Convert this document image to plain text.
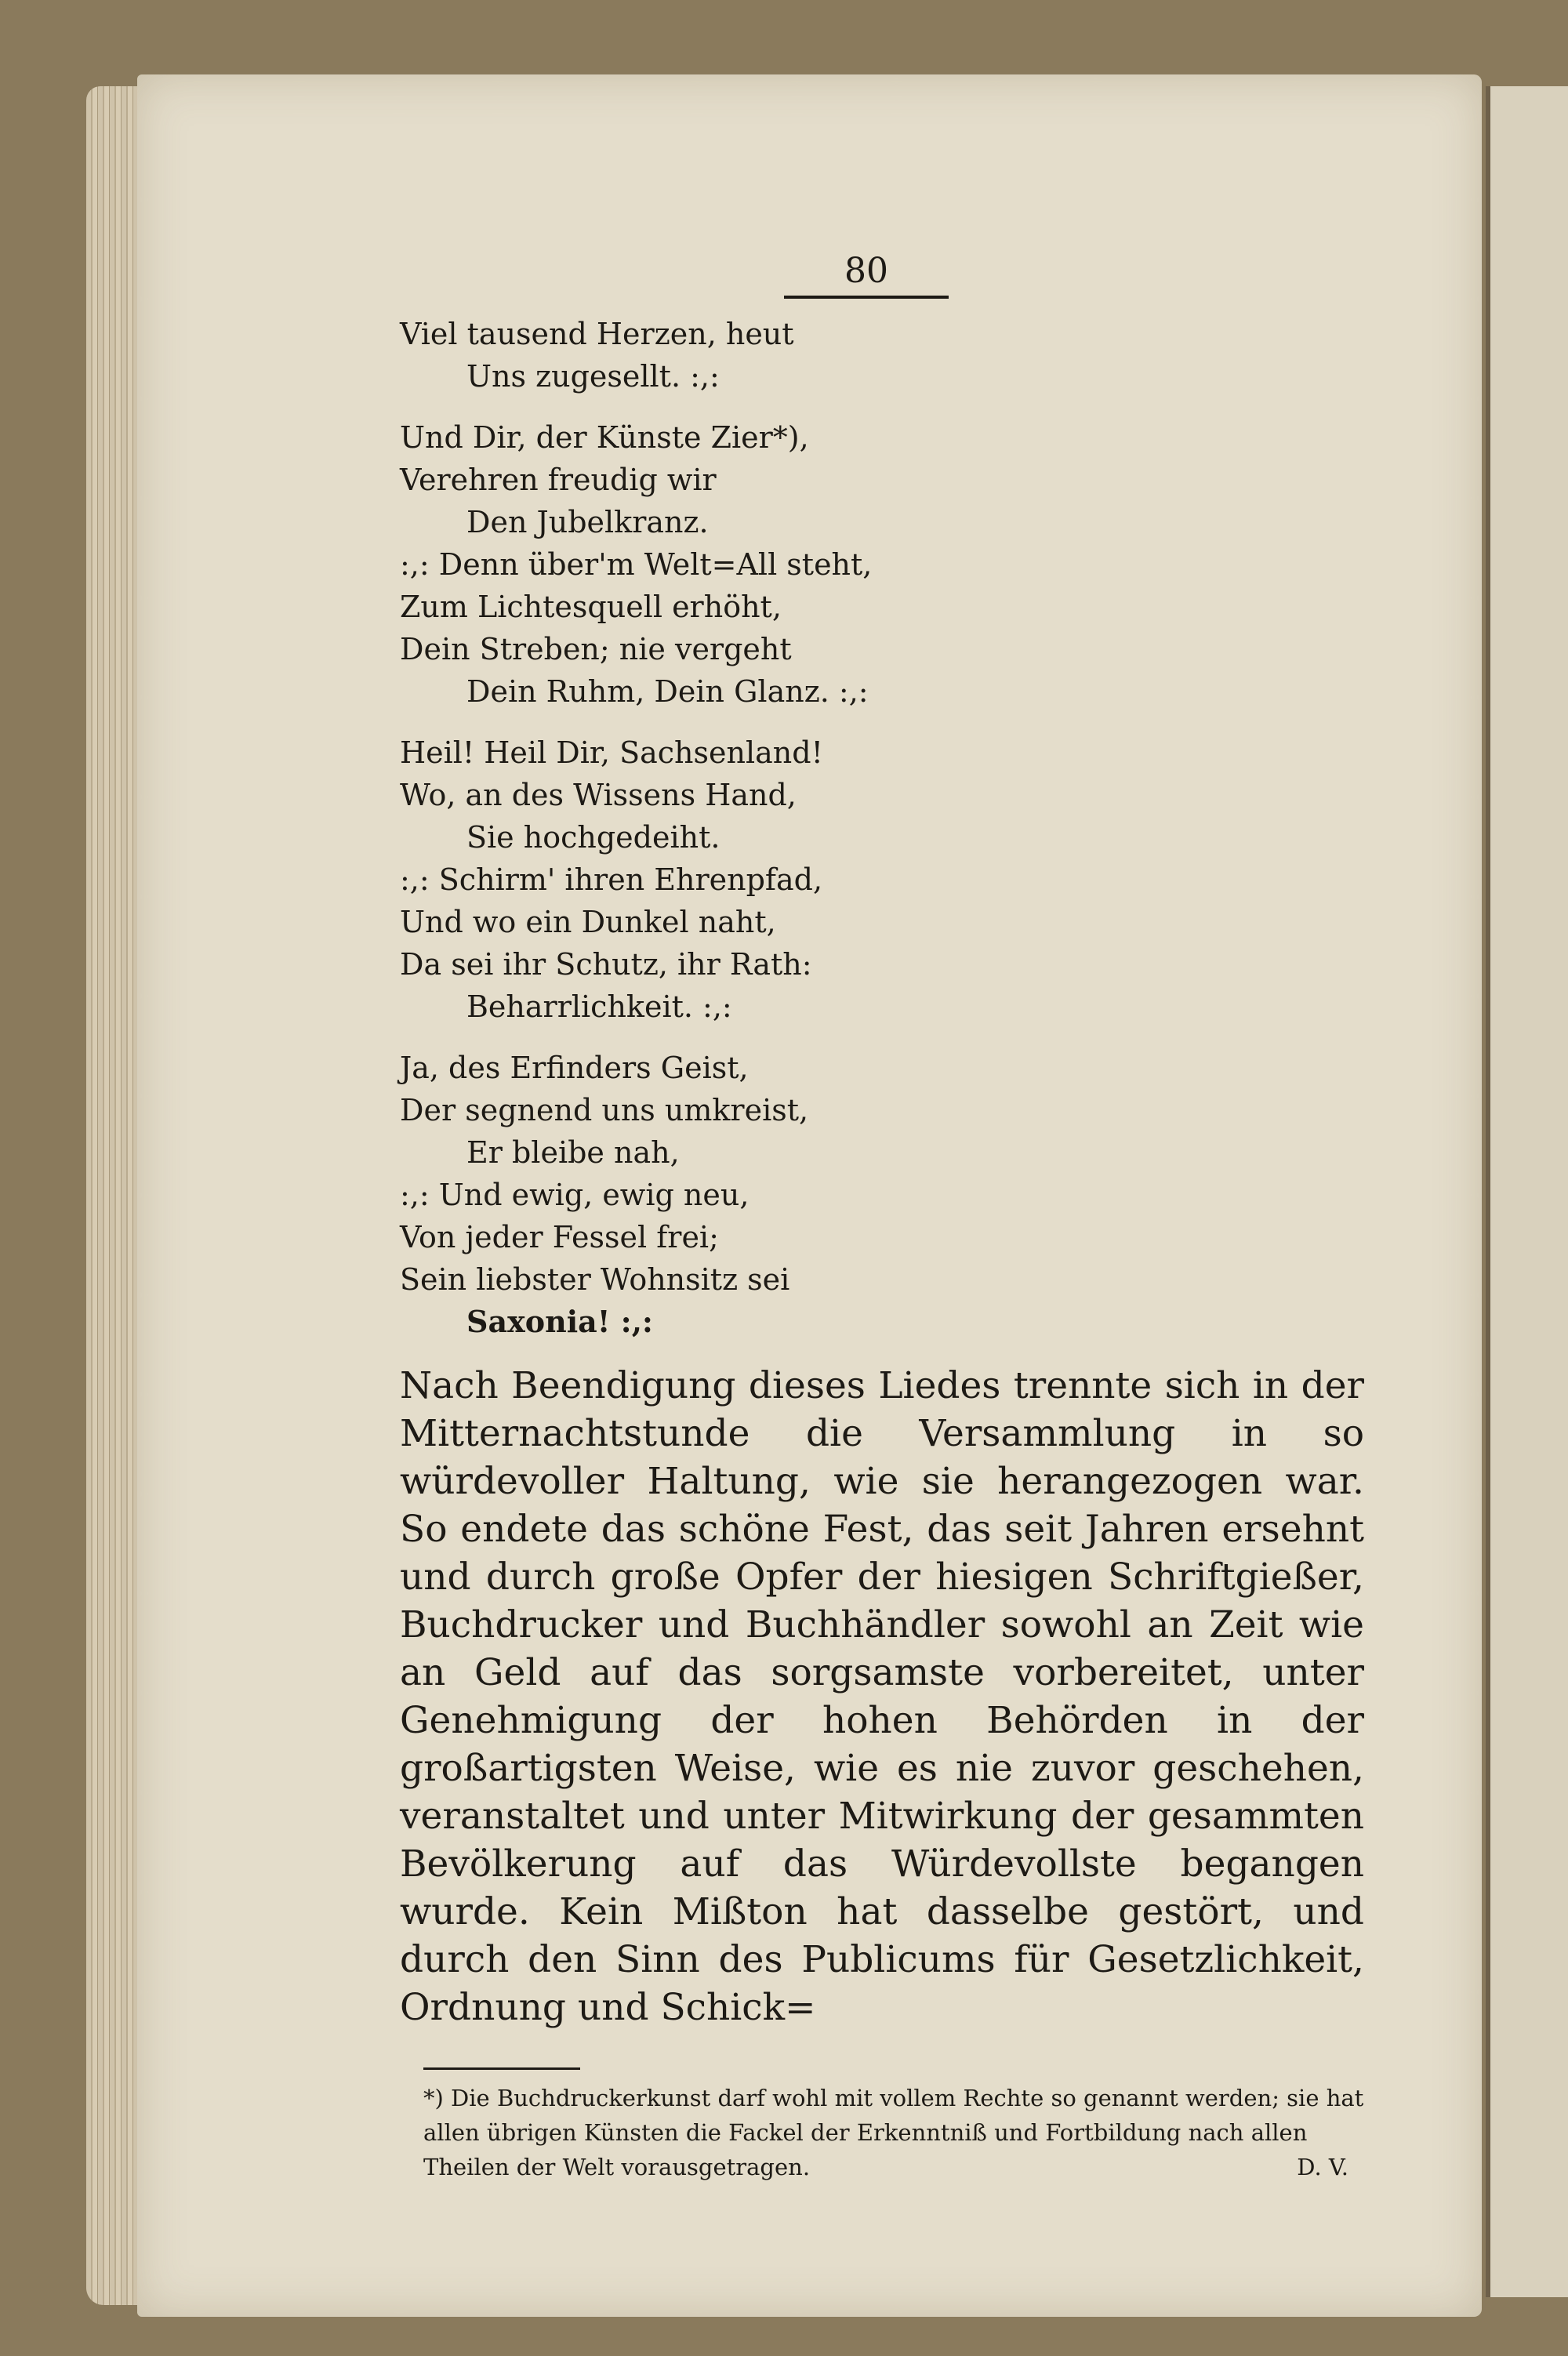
80
Viel tausend Herzen, heut
Uns zugesellt. :,:
Und Dir, der Künste Zier*),
Verehren freudig wir
Den Jubelkranz.
:,: Denn über'm Welt=All steht,
Zum Lichtesquell erhöht,
Dein Streben; nie vergeht
Dein Ruhm, Dein Glanz. :,:
Heil! Heil Dir, Sachsenland!
Wo, an des Wissens Hand,
Sie hochgedeiht.
:,: Schirm' ihren Ehrenpfad,
Und wo ein Dunkel naht,
Da sei ihr Schutz, ihr Rath:
Beharrlichkeit. :,:
Ja, des Erfinders Geist,
Der segnend uns umkreist,
Er bleibe nah,
:,: Und ewig, ewig neu,
Von jeder Fessel frei;
Sein liebster Wohnsitz sei
Saxonia! :,:
Nach Beendigung dieses Liedes trennte sich in der Mitternachtstunde die Versammlung in so würdevoller Haltung, wie sie herangezogen war. So endete das schöne Fest, das seit Jahren ersehnt und durch große Opfer der hiesigen Schriftgießer, Buchdrucker und Buchhändler sowohl an Zeit wie an Geld auf das sorgsamste vorbereitet, unter Genehmigung der hohen Behörden in der großartigsten Weise, wie es nie zuvor geschehen, veranstaltet und unter Mitwirkung der gesammten Bevölkerung auf das Würdevollste begangen wurde. Kein Mißton hat dasselbe gestört, und durch den Sinn des Publicums für Gesetzlichkeit, Ordnung und Schick=
*) Die Buchdruckerkunst darf wohl mit vollem Rechte so genannt werden; sie hat allen übrigen Künsten die Fackel der Erkenntniß und Fortbildung nach allen Theilen der Welt vorausgetragen.	D. V.
